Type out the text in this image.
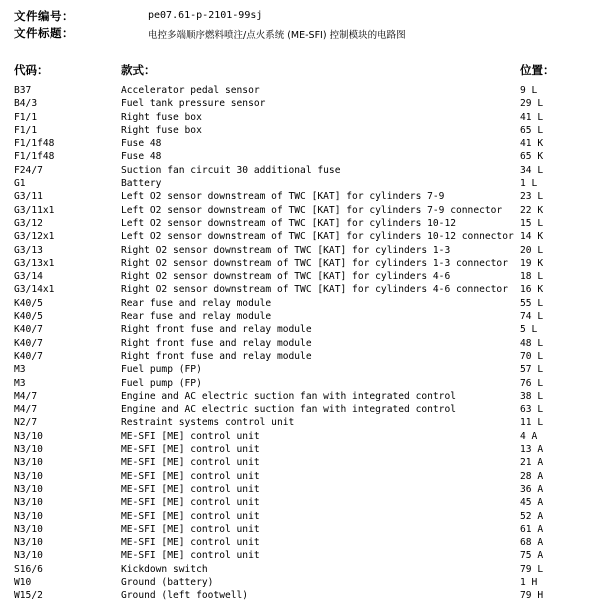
文件编号：	pe07.61-p-2101-99sj
文件标题：	电控多端顺序燃料喷注/点火系统 (ME-SFI) 控制模块的电路图
代码：	款式：	位置：
B37	Accelerator pedal sensor	9 L
B4/3	Fuel tank pressure sensor	29 L
F1/1	Right fuse box	41 L
F1/1	Right fuse box	65 L
F1/1f48	Fuse 48	41 K
F1/1f48	Fuse 48	65 K
F24/7	Suction fan circuit 30 additional fuse	34 L
G1	Battery	1 L
G3/11	Left O2 sensor downstream of TWC [KAT] for cylinders 7-9	23 L
G3/11x1	Left O2 sensor downstream of TWC [KAT] for cylinders 7-9 connector 22 K
G3/12	Left O2 sensor downstream of TWC [KAT] for cylinders 10-12	15 L
G3/12x1	Left O2 sensor downstream of TWC [KAT] for cylinders 10-12 connector 14 K
G3/13	Right O2 sensor downstream of TWC [KAT] for cylinders 1-3	20 L
G3/13x1	Right O2 sensor downstream of TWC [KAT] for cylinders 1-3 connector 19 K
G3/14	Right O2 sensor downstream of TWC [KAT] for cylinders 4-6	18 L
G3/14x1	Right O2 sensor downstream of TWC [KAT] for cylinders 4-6 connector 16 K
K40/5	Rear fuse and relay module	55 L
K40/5	Rear fuse and relay module	74 L
K40/7	Right front fuse and relay module	5 L
K40/7	Right front fuse and relay module	48 L
K40/7	Right front fuse and relay module	70 L
M3	Fuel pump (FP)	57 L
M3	Fuel pump (FP)	76 L
M4/7	Engine and AC electric suction fan with integrated control	38 L
M4/7	Engine and AC electric suction fan with integrated control	63 L
N2/7	Restraint systems control unit	11 L
N3/10	ME-SFI [ME] control unit	4 A
N3/10	ME-SFI [ME] control unit	13 A
N3/10	ME-SFI [ME] control unit	21 A
N3/10	ME-SFI [ME] control unit	28 A
N3/10	ME-SFI [ME] control unit	36 A
N3/10	ME-SFI [ME] control unit	45 A
N3/10	ME-SFI [ME] control unit	52 A
N3/10	ME-SFI [ME] control unit	61 A
N3/10	ME-SFI [ME] control unit	68 A
N3/10	ME-SFI [ME] control unit	75 A
S16/6	Kickdown switch	79 L
W10	Ground (battery)	1 H
W15/2	Ground (left footwell)	79 H
